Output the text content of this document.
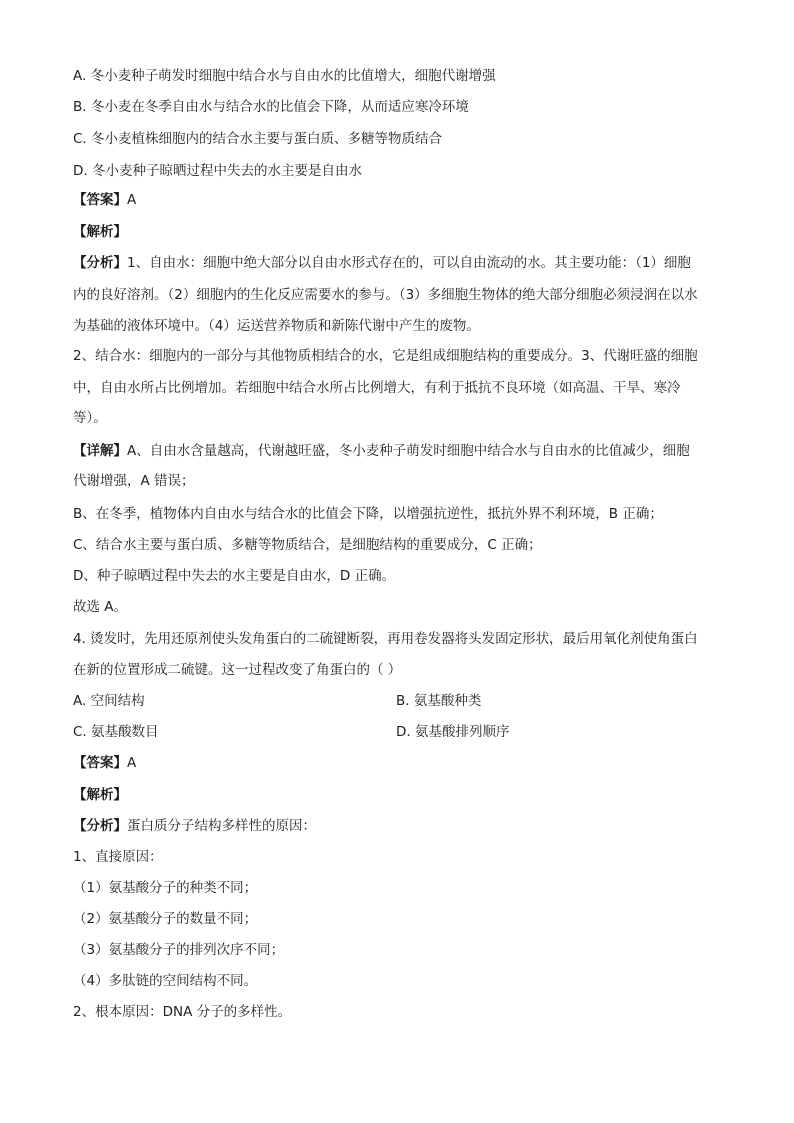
A. 冬小麦种子萌发时细胞中结合水与自由水的比值增大，细胞代谢增强
B. 冬小麦在冬季自由水与结合水的比值会下降，从而适应寒冷环境
C. 冬小麦植株细胞内的结合水主要与蛋白质、多糖等物质结合
D. 冬小麦种子晾晒过程中失去的水主要是自由水
【答案】A
【解析】
【分析】1、自由水：细胞中绝大部分以自由水形式存在的，可以自由流动的水。其主要功能：（1）细胞
内的良好溶剂。（2）细胞内的生化反应需要水的参与。（3）多细胞生物体的绝大部分细胞必须浸润在以水
为基础的液体环境中。（4）运送营养物质和新陈代谢中产生的废物。
2、结合水：细胞内的一部分与其他物质相结合的水，它是组成细胞结构的重要成分。3、代谢旺盛的细胞
中，自由水所占比例增加。若细胞中结合水所占比例增大，有利于抵抗不良环境（如高温、干旱、寒冷
等）。
【详解】A、自由水含量越高，代谢越旺盛，冬小麦种子萌发时细胞中结合水与自由水的比值减少，细胞
代谢增强，A 错误；
B、在冬季，植物体内自由水与结合水的比值会下降，以增强抗逆性，抵抗外界不利环境，B 正确；
C、结合水主要与蛋白质、多糖等物质结合，是细胞结构的重要成分，C 正确；
D、种子晾晒过程中失去的水主要是自由水，D 正确。
故选 A。
4. 烫发时，先用还原剂使头发角蛋白的二硫键断裂，再用卷发器将头发固定形状，最后用氧化剂使角蛋白
在新的位置形成二硫键。这一过程改变了角蛋白的（ ）
A. 空间结构	B. 氨基酸种类
C. 氨基酸数目	D. 氨基酸排列顺序
【答案】A
【解析】
【分析】蛋白质分子结构多样性的原因：
1、直接原因：
（1）氨基酸分子的种类不同；
（2）氨基酸分子的数量不同；
（3）氨基酸分子的排列次序不同；
（4）多肽链的空间结构不同。
2、根本原因：DNA 分子的多样性。
